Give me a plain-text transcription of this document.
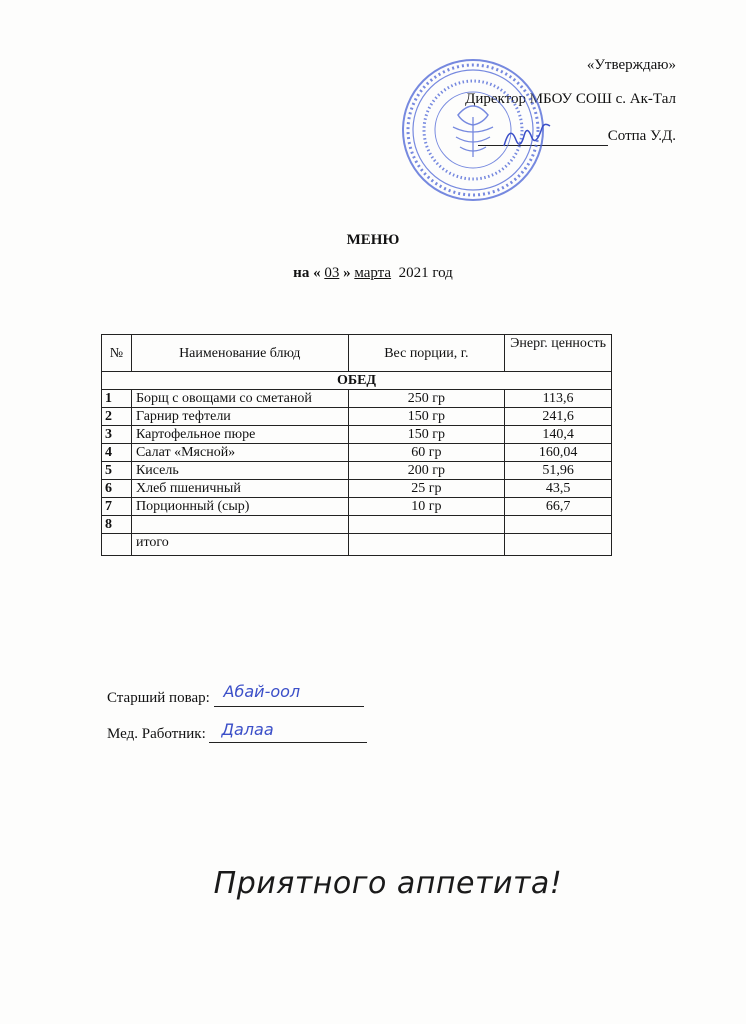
«Утверждаю»
Директор МБОУ СОШ с. Ак-Тал
Сотпа У.Д.
МЕНЮ
на « 03 » марта 2021 год
№	Наименование блюд	Вес порции, г.	Энерг. ценность
ОБЕД			
1	Борщ с овощами со сметаной	250 гр	113,6
2	Гарнир тефтели	150 гр	241,6
3	Картофельное пюре	150 гр	140,4
4	Салат «Мясной»	60 гр	160,04
5	Кисель	200 гр	51,96
6	Хлеб пшеничный	25 гр	43,5
7	Порционный (сыр)	10 гр	66,7
8			
	итого		
Старший повар: Абай-оол
Мед. Работник: Далаа
Приятного аппетита!
